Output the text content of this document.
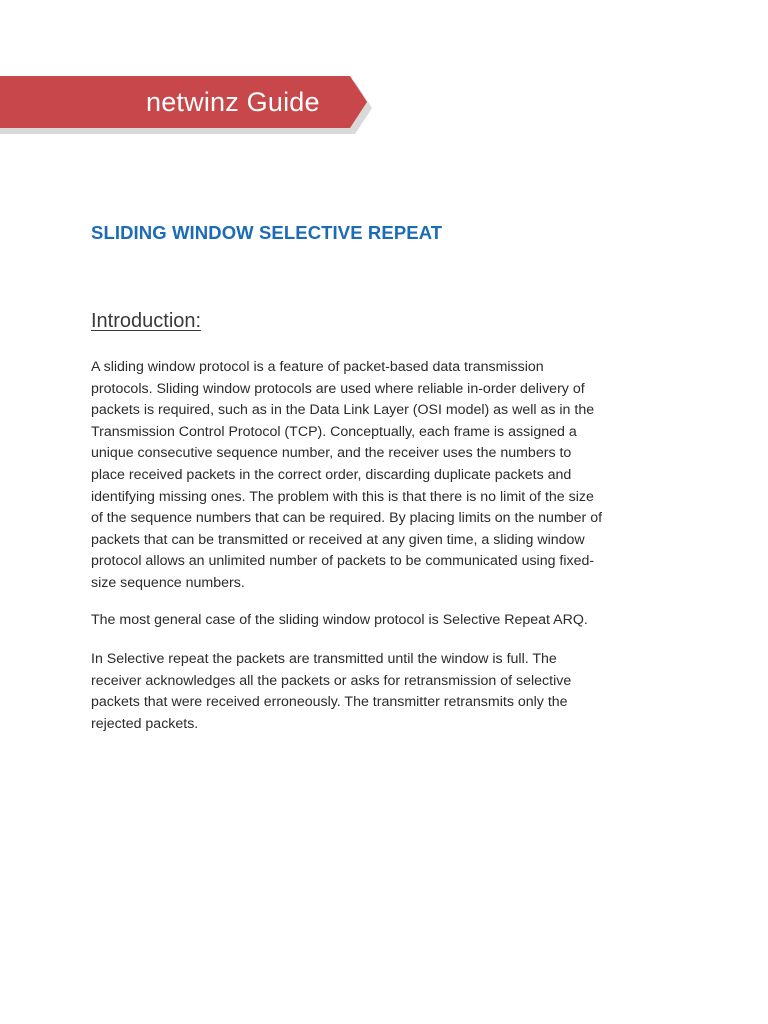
netwinz Guide
SLIDING WINDOW SELECTIVE REPEAT
Introduction:

A sliding window protocol is a feature of packet-based data transmission
protocols. Sliding window protocols are used where reliable in-order delivery of
packets is required, such as in the Data Link Layer (OSI model) as well as in the
Transmission Control Protocol (TCP). Conceptually, each frame is assigned a
unique consecutive sequence number, and the receiver uses the numbers to
place received packets in the correct order, discarding duplicate packets and
identifying missing ones. The problem with this is that there is no limit of the size
of the sequence numbers that can be required. By placing limits on the number of
packets that can be transmitted or received at any given time, a sliding window
protocol allows an unlimited number of packets to be communicated using fixed-
size sequence numbers.

The most general case of the sliding window protocol is Selective Repeat ARQ.

In Selective repeat the packets are transmitted until the window is full. The
receiver acknowledges all the packets or asks for retransmission of selective
packets that were received erroneously. The transmitter retransmits only the
rejected packets.
